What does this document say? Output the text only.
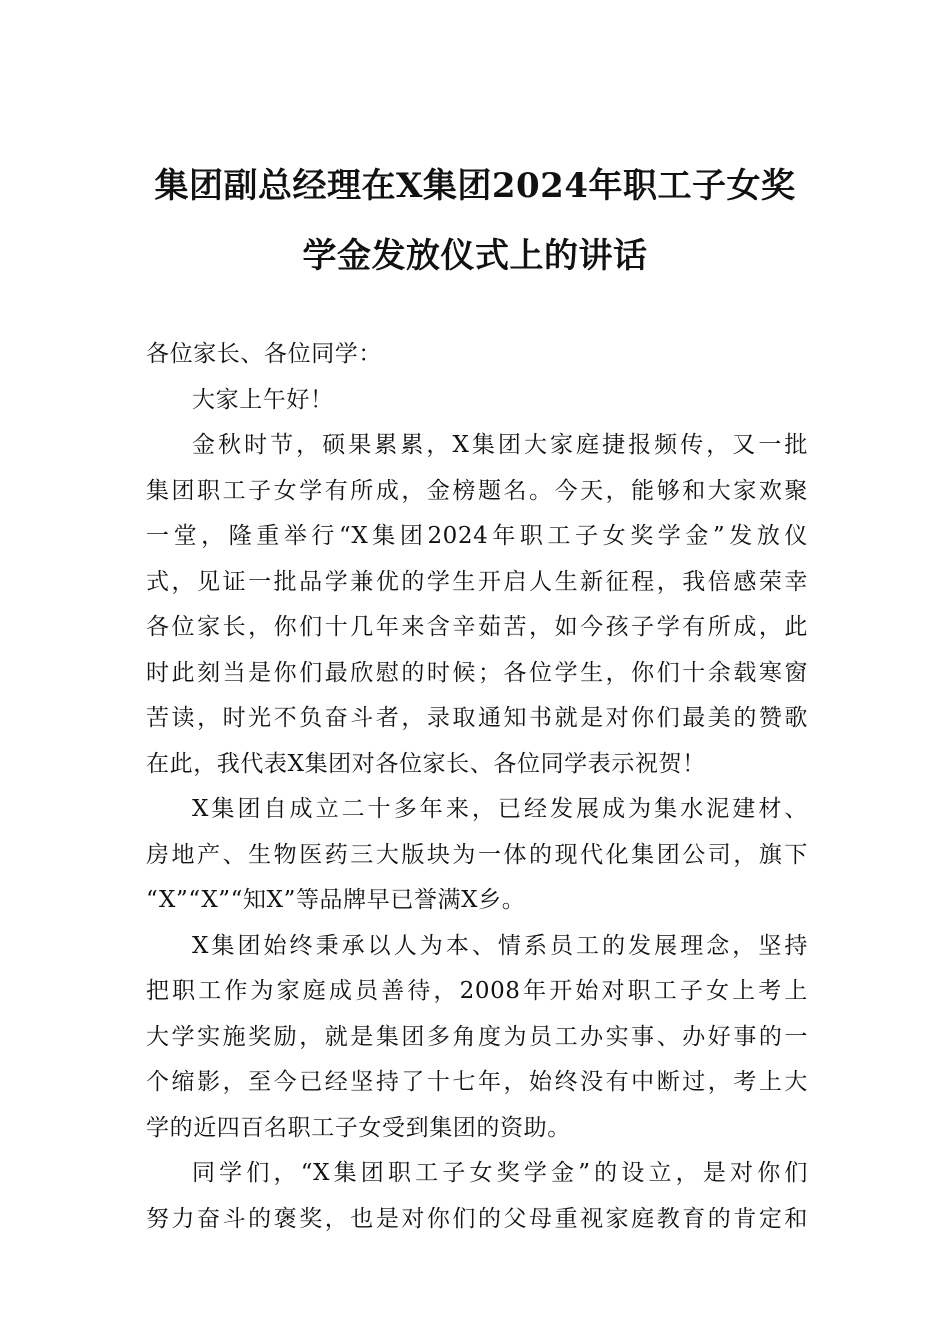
集团副总经理在X集团2024年职工子女奖
学金发放仪式上的讲话
各位家长、各位同学：
大家上午好！
金秋时节，硕果累累，X集团大家庭捷报频传，又一批
集团职工子女学有所成，金榜题名。今天，能够和大家欢聚
一堂，隆重举行“X集团2024年职工子女奖学金”发放仪
式，见证一批品学兼优的学生开启人生新征程，我倍感荣幸
各位家长，你们十几年来含辛茹苦，如今孩子学有所成，此
时此刻当是你们最欣慰的时候；各位学生，你们十余载寒窗
苦读，时光不负奋斗者，录取通知书就是对你们最美的赞歌
在此，我代表X集团对各位家长、各位同学表示祝贺！
X集团自成立二十多年来，已经发展成为集水泥建材、
房地产、生物医药三大版块为一体的现代化集团公司，旗下
“X”“X”“知X”等品牌早已誉满X乡。
X集团始终秉承以人为本、情系员工的发展理念，坚持
把职工作为家庭成员善待，2008年开始对职工子女上考上
大学实施奖励，就是集团多角度为员工办实事、办好事的一
个缩影，至今已经坚持了十七年，始终没有中断过，考上大
学的近四百名职工子女受到集团的资助。
同学们，“X集团职工子女奖学金”的设立，是对你们
努力奋斗的褒奖，也是对你们的父母重视家庭教育的肯定和
